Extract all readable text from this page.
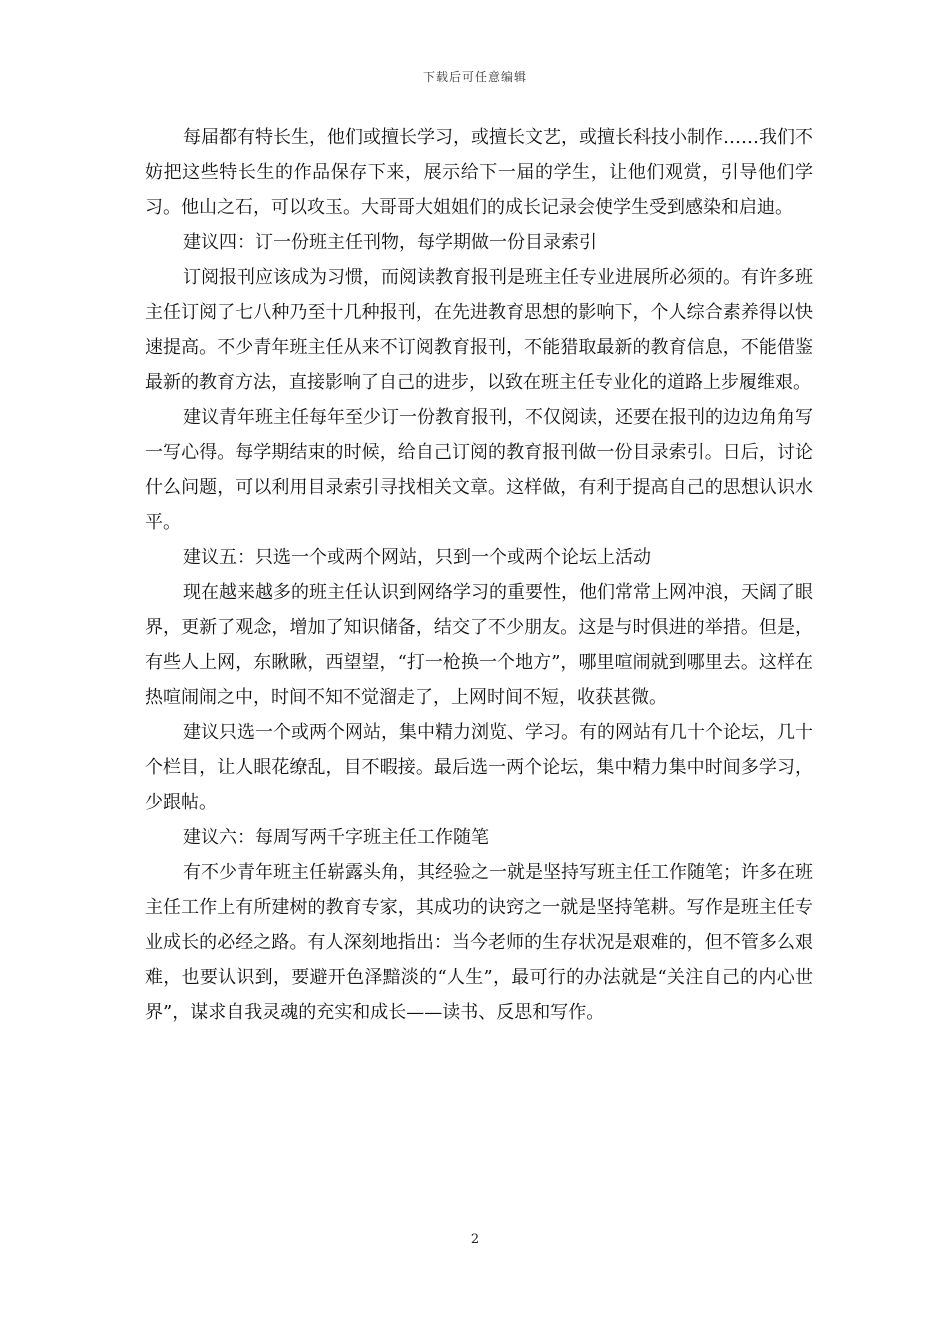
下载后可任意编辑

每届都有特长生，他们或擅长学习，或擅长文艺，或擅长科技小制作……我们不妨把这些特长生的作品保存下来，展示给下一届的学生，让他们观赏，引导他们学习。他山之石，可以攻玉。大哥哥大姐姐们的成长记录会使学生受到感染和启迪。

建议四：订一份班主任刊物，每学期做一份目录索引

订阅报刊应该成为习惯，而阅读教育报刊是班主任专业进展所必须的。有许多班主任订阅了七八种乃至十几种报刊，在先进教育思想的影响下，个人综合素养得以快速提高。不少青年班主任从来不订阅教育报刊，不能猎取最新的教育信息，不能借鉴最新的教育方法，直接影响了自己的进步，以致在班主任专业化的道路上步履维艰。

建议青年班主任每年至少订一份教育报刊，不仅阅读，还要在报刊的边边角角写一写心得。每学期结束的时候，给自己订阅的教育报刊做一份目录索引。日后，讨论什么问题，可以利用目录索引寻找相关文章。这样做，有利于提高自己的思想认识水平。

建议五：只选一个或两个网站，只到一个或两个论坛上活动

现在越来越多的班主任认识到网络学习的重要性，他们常常上网冲浪，天阔了眼界，更新了观念，增加了知识储备，结交了不少朋友。这是与时俱进的举措。但是，有些人上网，东瞅瞅，西望望，“打一枪换一个地方”，哪里喧闹就到哪里去。这样在热喧闹闹之中，时间不知不觉溜走了，上网时间不短，收获甚微。

建议只选一个或两个网站，集中精力浏览、学习。有的网站有几十个论坛，几十个栏目，让人眼花缭乱，目不暇接。最后选一两个论坛，集中精力集中时间多学习，少跟帖。

建议六：每周写两千字班主任工作随笔

有不少青年班主任崭露头角，其经验之一就是坚持写班主任工作随笔；许多在班主任工作上有所建树的教育专家，其成功的诀窍之一就是坚持笔耕。写作是班主任专业成长的必经之路。有人深刻地指出：当今老师的生存状况是艰难的，但不管多么艰难，也要认识到，要避开色泽黯淡的“人生”，最可行的办法就是“关注自己的内心世界”，谋求自我灵魂的充实和成长——读书、反思和写作。

2
